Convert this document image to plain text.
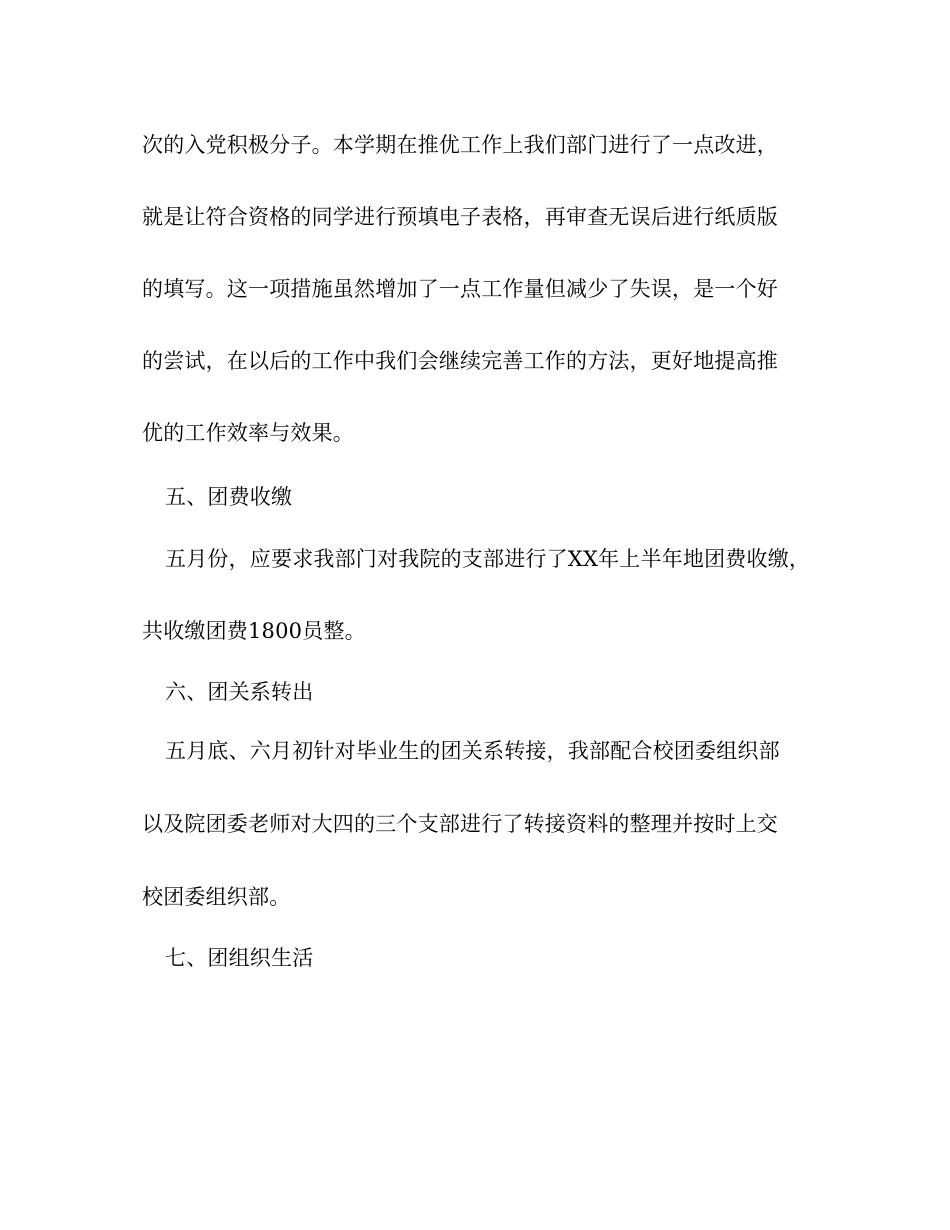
次的入党积极分子。本学期在推优工作上我们部门进行了一点改进，
就是让符合资格的同学进行预填电子表格，再审查无误后进行纸质版
的填写。这一项措施虽然增加了一点工作量但减少了失误，是一个好
的尝试，在以后的工作中我们会继续完善工作的方法，更好地提高推
优的工作效率与效果。
五、团费收缴
五月份，应要求我部门对我院的支部进行了XX年上半年地团费收缴，
共收缴团费1800员整。
六、团关系转出
五月底、六月初针对毕业生的团关系转接，我部配合校团委组织部
以及院团委老师对大四的三个支部进行了转接资料的整理并按时上交
校团委组织部。
七、团组织生活
